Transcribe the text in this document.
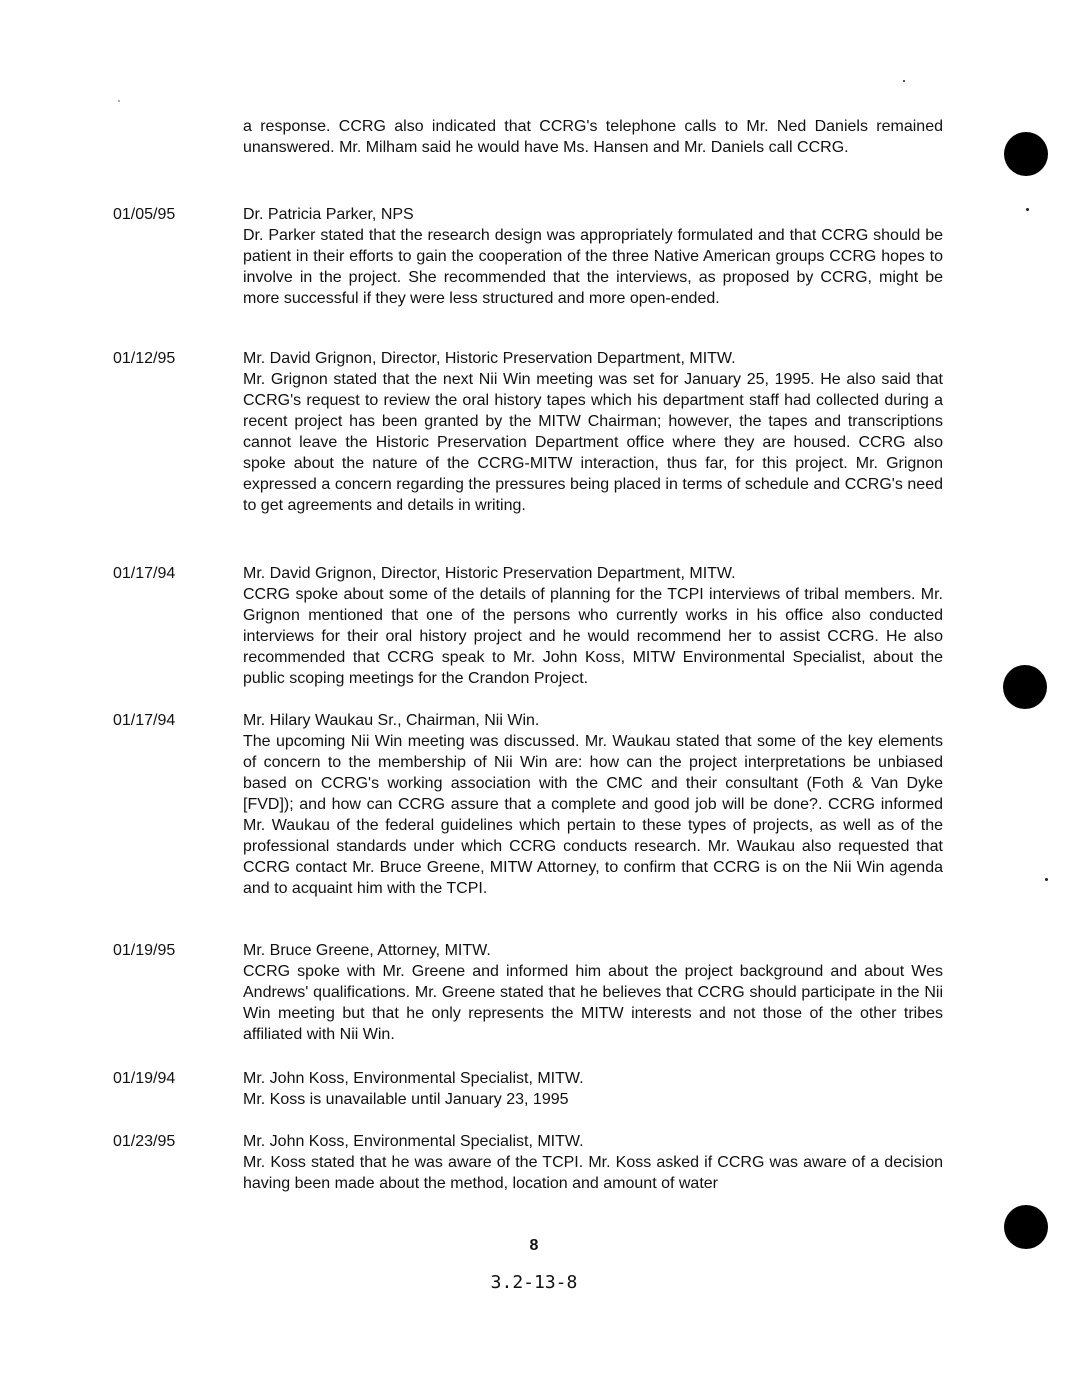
a response. CCRG also indicated that CCRG's telephone calls to Mr. Ned Daniels remained unanswered. Mr. Milham said he would have Ms. Hansen and Mr. Daniels call CCRG.
01/05/95	Dr. Patricia Parker, NPS
Dr. Parker stated that the research design was appropriately formulated and that CCRG should be patient in their efforts to gain the cooperation of the three Native American groups CCRG hopes to involve in the project. She recommended that the interviews, as proposed by CCRG, might be more successful if they were less structured and more open-ended.
01/12/95	Mr. David Grignon, Director, Historic Preservation Department, MITW.
Mr. Grignon stated that the next Nii Win meeting was set for January 25, 1995. He also said that CCRG's request to review the oral history tapes which his department staff had collected during a recent project has been granted by the MITW Chairman; however, the tapes and transcriptions cannot leave the Historic Preservation Department office where they are housed. CCRG also spoke about the nature of the CCRG-MITW interaction, thus far, for this project. Mr. Grignon expressed a concern regarding the pressures being placed in terms of schedule and CCRG's need to get agreements and details in writing.
01/17/94	Mr. David Grignon, Director, Historic Preservation Department, MITW.
CCRG spoke about some of the details of planning for the TCPI interviews of tribal members. Mr. Grignon mentioned that one of the persons who currently works in his office also conducted interviews for their oral history project and he would recommend her to assist CCRG. He also recommended that CCRG speak to Mr. John Koss, MITW Environmental Specialist, about the public scoping meetings for the Crandon Project.
01/17/94	Mr. Hilary Waukau Sr., Chairman, Nii Win.
The upcoming Nii Win meeting was discussed. Mr. Waukau stated that some of the key elements of concern to the membership of Nii Win are: how can the project interpretations be unbiased based on CCRG's working association with the CMC and their consultant (Foth & Van Dyke [FVD]); and how can CCRG assure that a complete and good job will be done?. CCRG informed Mr. Waukau of the federal guidelines which pertain to these types of projects, as well as of the professional standards under which CCRG conducts research. Mr. Waukau also requested that CCRG contact Mr. Bruce Greene, MITW Attorney, to confirm that CCRG is on the Nii Win agenda and to acquaint him with the TCPI.
01/19/95	Mr. Bruce Greene, Attorney, MITW.
CCRG spoke with Mr. Greene and informed him about the project background and about Wes Andrews' qualifications. Mr. Greene stated that he believes that CCRG should participate in the Nii Win meeting but that he only represents the MITW interests and not those of the other tribes affiliated with Nii Win.
01/19/94	Mr. John Koss, Environmental Specialist, MITW.
Mr. Koss is unavailable until January 23, 1995
01/23/95	Mr. John Koss, Environmental Specialist, MITW.
Mr. Koss stated that he was aware of the TCPI. Mr. Koss asked if CCRG was aware of a decision having been made about the method, location and amount of water
8
3.2-13-8
